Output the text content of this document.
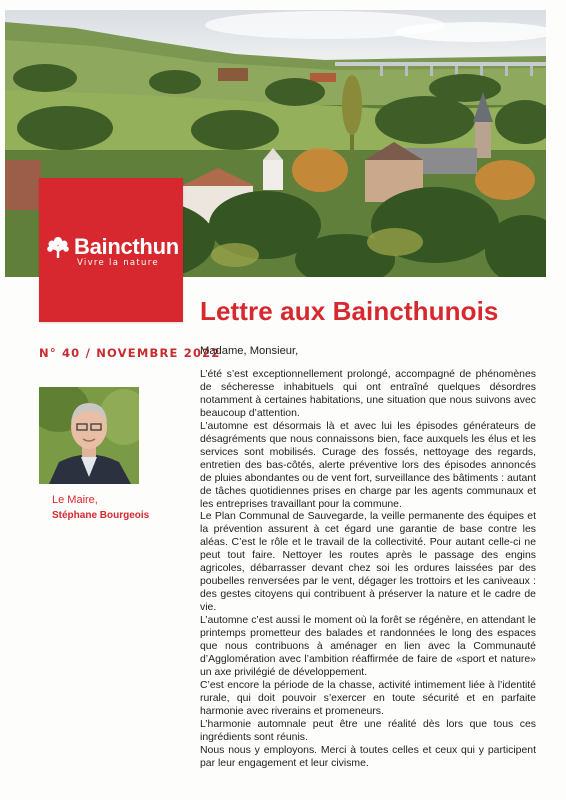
Baincthun
Vivre la nature
Lettre aux Baincthunois
N° 40 / NOVEMBRE 2022
Le Maire,
Stéphane Bourgeois
Madame, Monsieur,

L’été s’est exceptionnellement prolongé, accompagné de phénomènes de sécheresse inhabituels qui ont entraîné quelques désordres notamment à certaines habitations, une situation que nous suivons avec beaucoup d’attention.

L’automne est désormais là et avec lui les épisodes générateurs de désagréments que nous connaissons bien, face auxquels les élus et les services sont mobilisés. Curage des fossés, nettoyage des regards, entretien des bas-côtés, alerte préventive lors des épisodes annoncés de pluies abondantes ou de vent fort, surveillance des bâtiments : autant de tâches quotidiennes prises en charge par les agents communaux et les entreprises travaillant pour la commune.

Le Plan Communal de Sauvegarde, la veille permanente des équipes et la prévention assurent à cet égard une garantie de base contre les aléas. C’est le rôle et le travail de la collectivité. Pour autant celle-ci ne peut tout faire. Nettoyer les routes après le passage des engins agricoles, débarrasser devant chez soi les ordures laissées par des poubelles renversées par le vent, dégager les trottoirs et les caniveaux : des gestes citoyens qui contribuent à préserver la nature et le cadre de vie.

L’automne c’est aussi le moment où la forêt se régénère, en attendant le printemps prometteur des balades et randonnées le long des espaces que nous contribuons à aménager en lien avec la Communauté d’Agglomération avec l’ambition réaffirmée de faire de «sport et nature» un axe privilégié de développement.

C’est encore la période de la chasse, activité intimement liée à l’identité rurale, qui doit pouvoir s’exercer en toute sécurité et en parfaite harmonie avec riverains et promeneurs.

L’harmonie automnale peut être une réalité dès lors que tous ces ingrédients sont réunis.

Nous nous y employons. Merci à toutes celles et ceux qui y participent par leur engagement et leur civisme.
